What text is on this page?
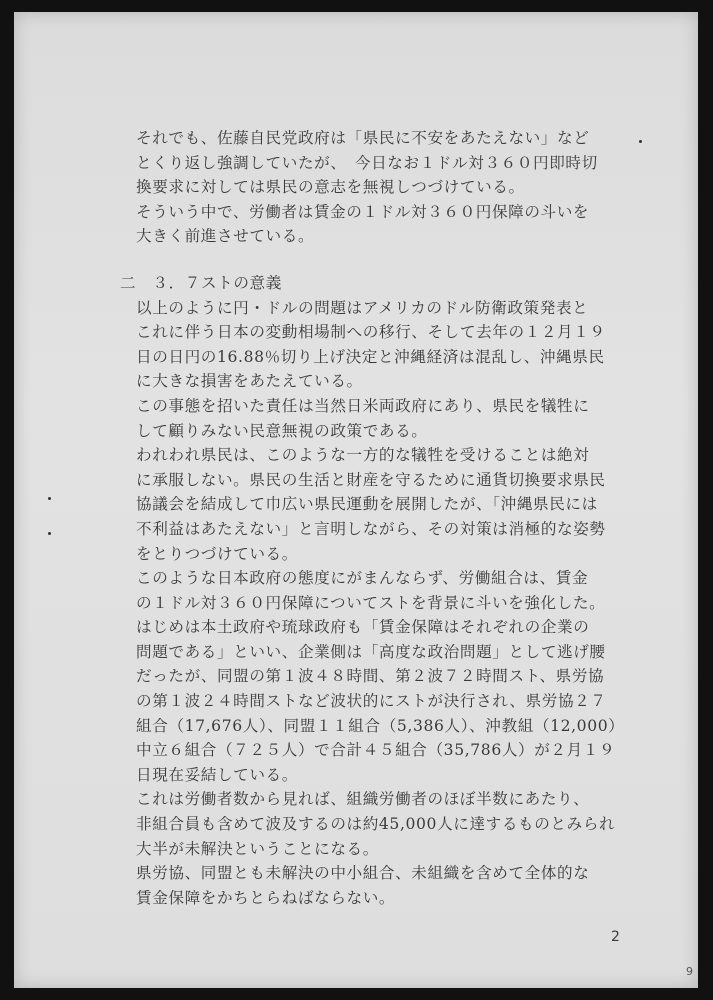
それでも、佐藤自民党政府は「県民に不安をあたえない」など
とくり返し強調していたが、　今日なお１ドル対３６０円即時切
換要求に対しては県民の意志を無視しつづけている。
そういう中で、労働者は賃金の１ドル対３６０円保障の斗いを
大きく前進させている。
二　３．７ストの意義
以上のように円・ドルの問題はアメリカのドル防衛政策発表と
これに伴う日本の変動相場制への移行、そして去年の１２月１９
日の日円の16.88％切り上げ決定と沖縄経済は混乱し、沖縄県民
に大きな損害をあたえている。
この事態を招いた責任は当然日米両政府にあり、県民を犠牲に
して顧りみない民意無視の政策である。
われわれ県民は、このような一方的な犠牲を受けることは絶対
に承服しない。県民の生活と財産を守るために通貨切換要求県民
協議会を結成して巾広い県民運動を展開したが、「沖縄県民には
不利益はあたえない」と言明しながら、その対策は消極的な姿勢
をとりつづけている。
このような日本政府の態度にがまんならず、労働組合は、賃金
の１ドル対３６０円保障についてストを背景に斗いを強化した。
はじめは本土政府や琉球政府も「賃金保障はそれぞれの企業の
問題である」といい、企業側は「高度な政治問題」として逃げ腰
だったが、同盟の第１波４８時間、第２波７２時間スト、県労協
の第１波２４時間ストなど波状的にストが決行され、県労協２７
組合（17,676人）、同盟１１組合（5,386人）、沖教組（12,000）
中立６組合（７２５人）で合計４５組合（35,786人）が２月１９
日現在妥結している。
これは労働者数から見れば、組織労働者のほぼ半数にあたり、
非組合員も含めて波及するのは約45,000人に達するものとみられ
大半が未解決ということになる。
県労協、同盟とも未解決の中小組合、未組織を含めて全体的な
賃金保障をかちとらねばならない。
2
9
